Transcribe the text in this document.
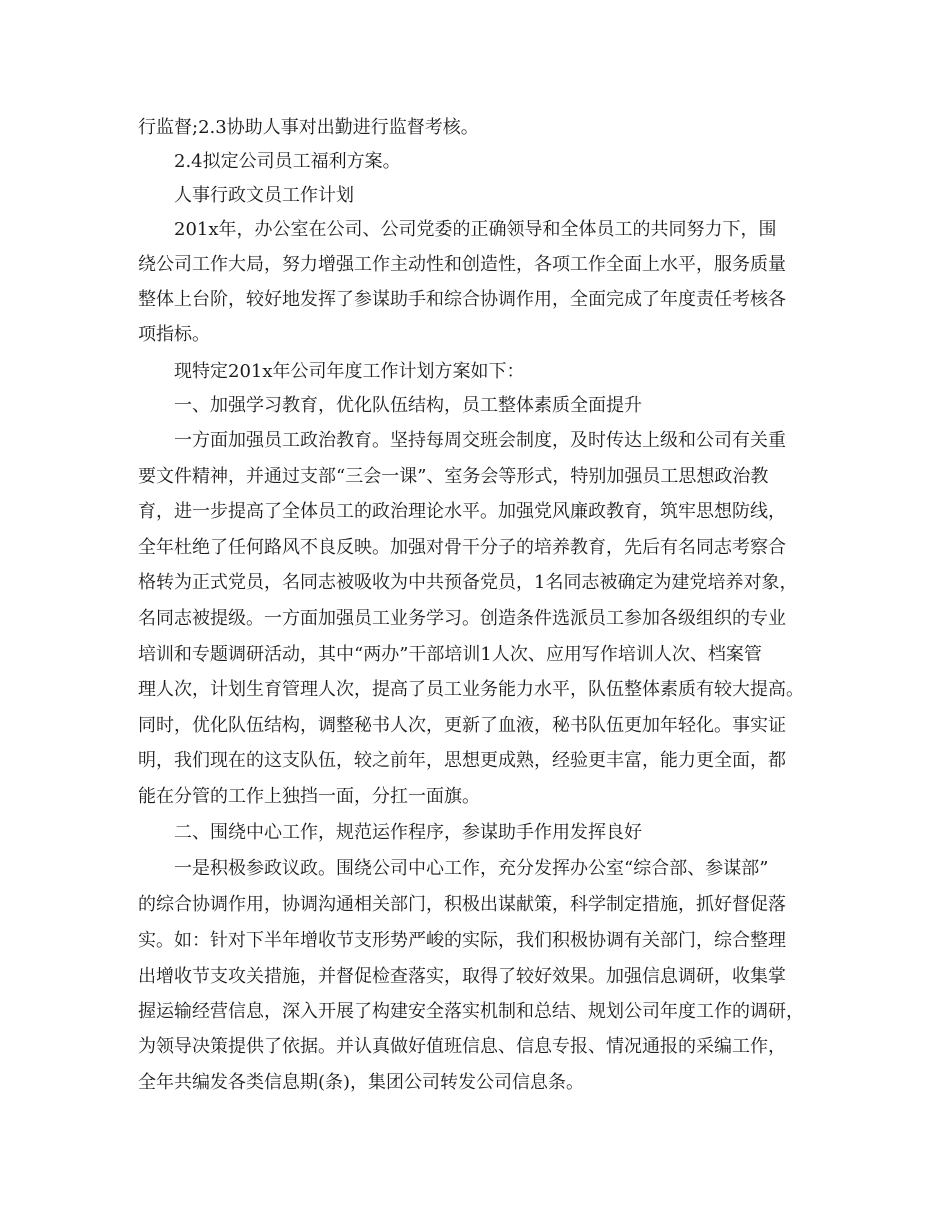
行监督;2.3协助人事对出勤进行监督考核。
2.4拟定公司员工福利方案。
人事行政文员工作计划
201x年，办公室在公司、公司党委的正确领导和全体员工的共同努力下，围
绕公司工作大局，努力增强工作主动性和创造性，各项工作全面上水平，服务质量
整体上台阶，较好地发挥了参谋助手和综合协调作用，全面完成了年度责任考核各
项指标。
现特定201x年公司年度工作计划方案如下：
一、加强学习教育，优化队伍结构，员工整体素质全面提升
一方面加强员工政治教育。坚持每周交班会制度，及时传达上级和公司有关重
要文件精神，并通过支部“三会一课”、室务会等形式，特别加强员工思想政治教
育，进一步提高了全体员工的政治理论水平。加强党风廉政教育，筑牢思想防线，
全年杜绝了任何路风不良反映。加强对骨干分子的培养教育，先后有名同志考察合
格转为正式党员，名同志被吸收为中共预备党员，1名同志被确定为建党培养对象，
名同志被提级。一方面加强员工业务学习。创造条件选派员工参加各级组织的专业
培训和专题调研活动，其中“两办”干部培训1人次、应用写作培训人次、档案管
理人次，计划生育管理人次，提高了员工业务能力水平，队伍整体素质有较大提高。
同时，优化队伍结构，调整秘书人次，更新了血液，秘书队伍更加年轻化。事实证
明，我们现在的这支队伍，较之前年，思想更成熟，经验更丰富，能力更全面，都
能在分管的工作上独挡一面，分扛一面旗。
二、围绕中心工作，规范运作程序，参谋助手作用发挥良好
一是积极参政议政。围绕公司中心工作，充分发挥办公室“综合部、参谋部”
的综合协调作用，协调沟通相关部门，积极出谋献策，科学制定措施，抓好督促落
实。如：针对下半年增收节支形势严峻的实际，我们积极协调有关部门，综合整理
出增收节支攻关措施，并督促检查落实，取得了较好效果。加强信息调研，收集掌
握运输经营信息，深入开展了构建安全落实机制和总结、规划公司年度工作的调研，
为领导决策提供了依据。并认真做好值班信息、信息专报、情况通报的采编工作，
全年共编发各类信息期(条)，集团公司转发公司信息条。
